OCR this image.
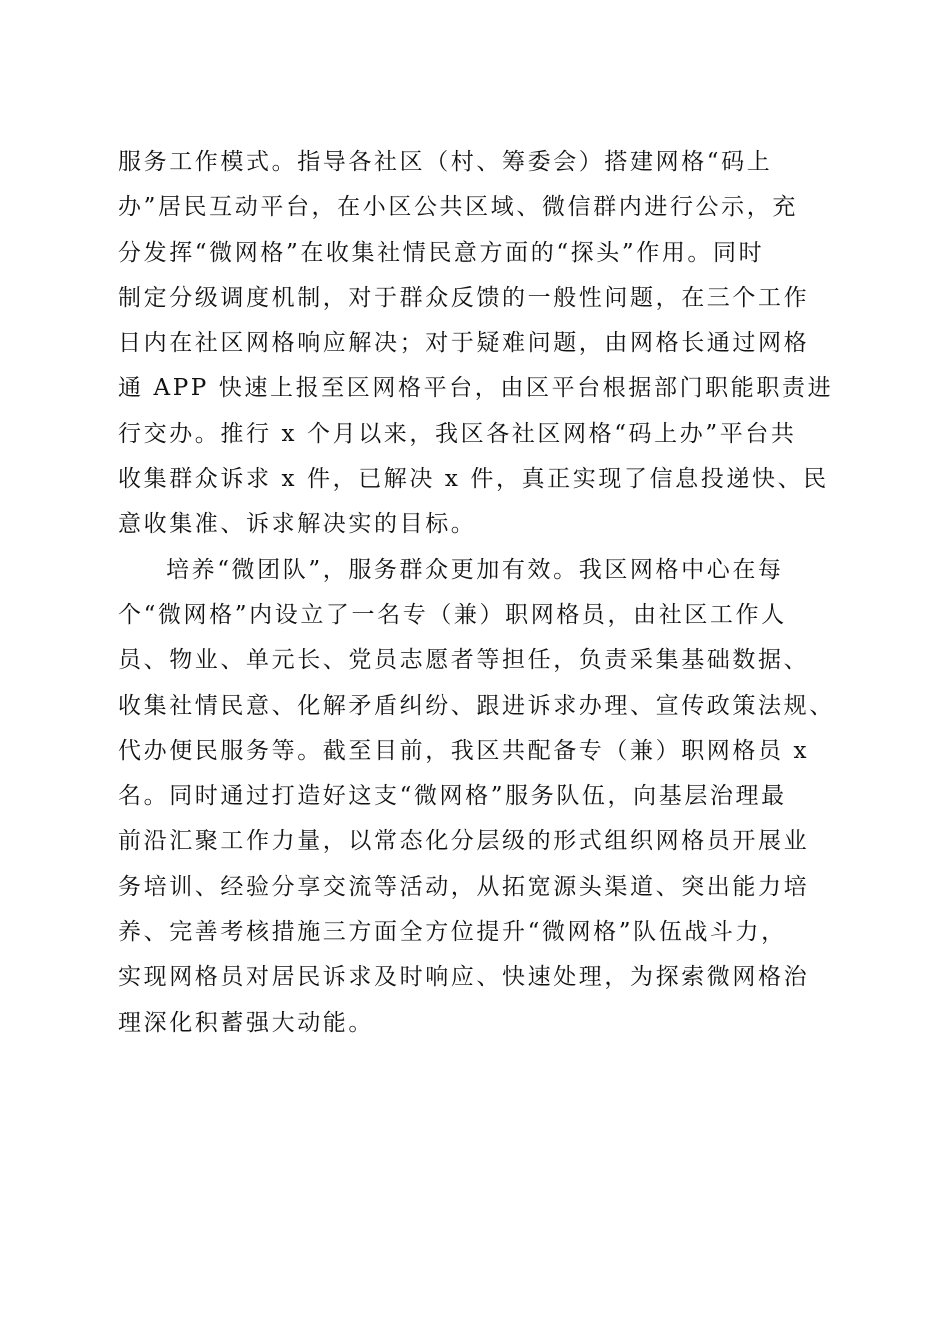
服务工作模式。指导各社区（村、筹委会）搭建网格“码上
办”居民互动平台，在小区公共区域、微信群内进行公示，充
分发挥“微网格”在收集社情民意方面的“探头”作用。同时
制定分级调度机制，对于群众反馈的一般性问题，在三个工作
日内在社区网格响应解决；对于疑难问题，由网格长通过网格
通 APP 快速上报至区网格平台，由区平台根据部门职能职责进
行交办。推行 x 个月以来，我区各社区网格“码上办”平台共
收集群众诉求 x 件，已解决 x 件，真正实现了信息投递快、民
意收集准、诉求解决实的目标。
培养“微团队”，服务群众更加有效。我区网格中心在每
个“微网格”内设立了一名专（兼）职网格员，由社区工作人
员、物业、单元长、党员志愿者等担任，负责采集基础数据、
收集社情民意、化解矛盾纠纷、跟进诉求办理、宣传政策法规、
代办便民服务等。截至目前，我区共配备专（兼）职网格员 x
名。同时通过打造好这支“微网格”服务队伍，向基层治理最
前沿汇聚工作力量，以常态化分层级的形式组织网格员开展业
务培训、经验分享交流等活动，从拓宽源头渠道、突出能力培
养、完善考核措施三方面全方位提升“微网格”队伍战斗力，
实现网格员对居民诉求及时响应、快速处理，为探索微网格治
理深化积蓄强大动能。
